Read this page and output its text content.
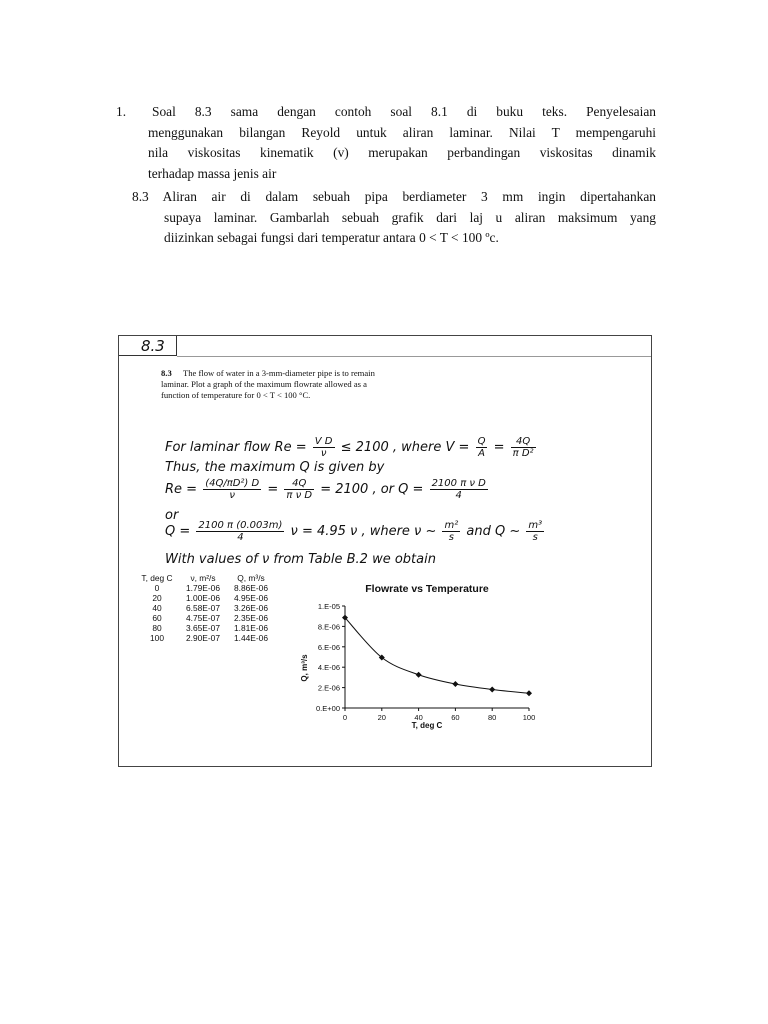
1. Soal 8.3 sama dengan contoh soal 8.1 di buku teks. Penyelesaian
menggunakan bilangan Reyold untuk aliran laminar. Nilai T mempengaruhi
nila viskositas kinematik (v) merupakan perbandingan viskositas dinamik
terhadap massa jenis air
8.3 Aliran air di dalam sebuah pipa berdiameter 3 mm ingin dipertahankan
supaya laminar. Gambarlah sebuah grafik dari laj u aliran maksimum yang
diizinkan sebagai fungsi dari temperatur antara 0 < T < 100 ºc.
8.3
8.3 The flow of water in a 3-mm-diameter pipe is to remain
laminar. Plot a graph of the maximum flowrate allowed as a
function of temperature for 0 < T < 100 °C.
For laminar flow $Re = \frac{\text{V D}}{\nu} \le 2100$ , where $V = \frac{Q}{A} = \frac{4Q}{\text{π D²}}$
Thus, the maximum Q is given by
$Re = \frac{\text{(4Q/πD²) D}}{\nu} = \frac{4Q}{\text{π ν D}} = 2100$ , or $Q = \frac{\text{2100 π ν D}}{4}$
or
$Q = \frac{2100 \pi (0.003m)}{4}$ ν = 4.95 ν , where ν ~ $\frac{\text{m²}}{s}$ and Q ~ $\frac{\text{m³}}{s}$
With values of ν from Table B.2 we obtain
T, deg C	ν, m²/s	Q, m³/s
0	1.79E-06	8.86E-06
20	1.00E-06	4.95E-06
40	6.58E-07	3.26E-06
60	4.75E-07	2.35E-06
80	3.65E-07	1.81E-06
100	2.90E-07	1.44E-06
Flowrate vs Temperature
0.E+00
2.E-06
4.E-06
6.E-06
8.E-06
1.E-05
0	20	40	60	80	100
T, deg C
Q, m³/s
